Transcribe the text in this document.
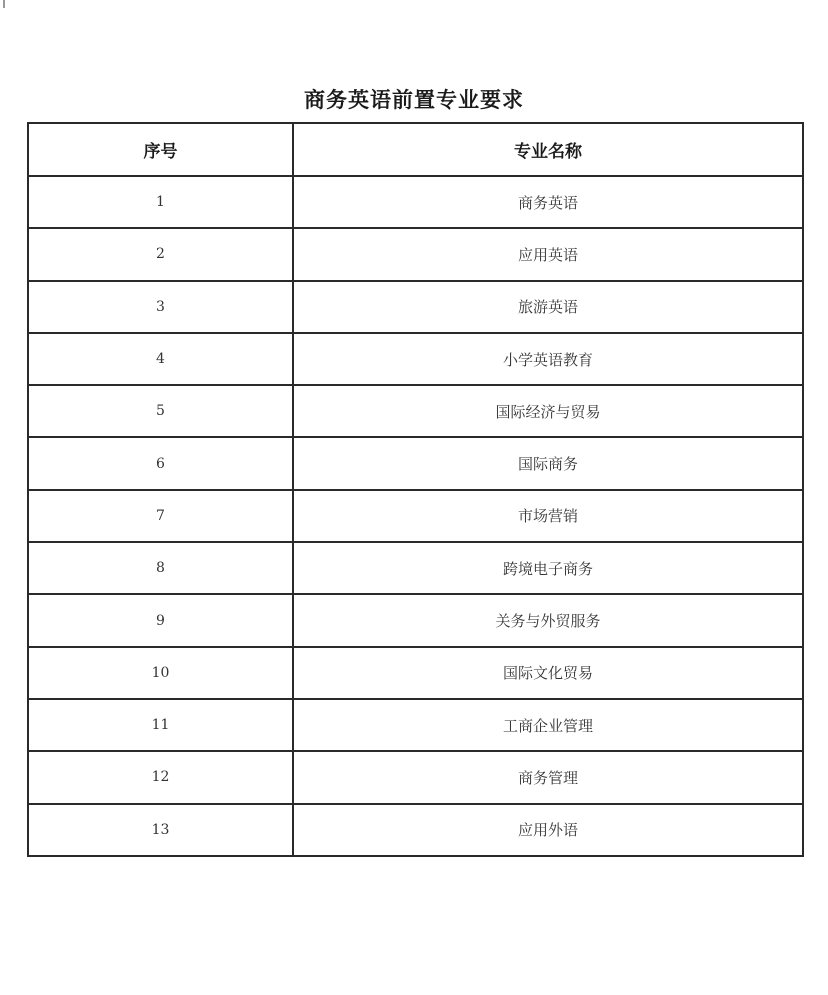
商务英语前置专业要求
序号	专业名称
1	商务英语
2	应用英语
3	旅游英语
4	小学英语教育
5	国际经济与贸易
6	国际商务
7	市场营销
8	跨境电子商务
9	关务与外贸服务
10	国际文化贸易
11	工商企业管理
12	商务管理
13	应用外语
